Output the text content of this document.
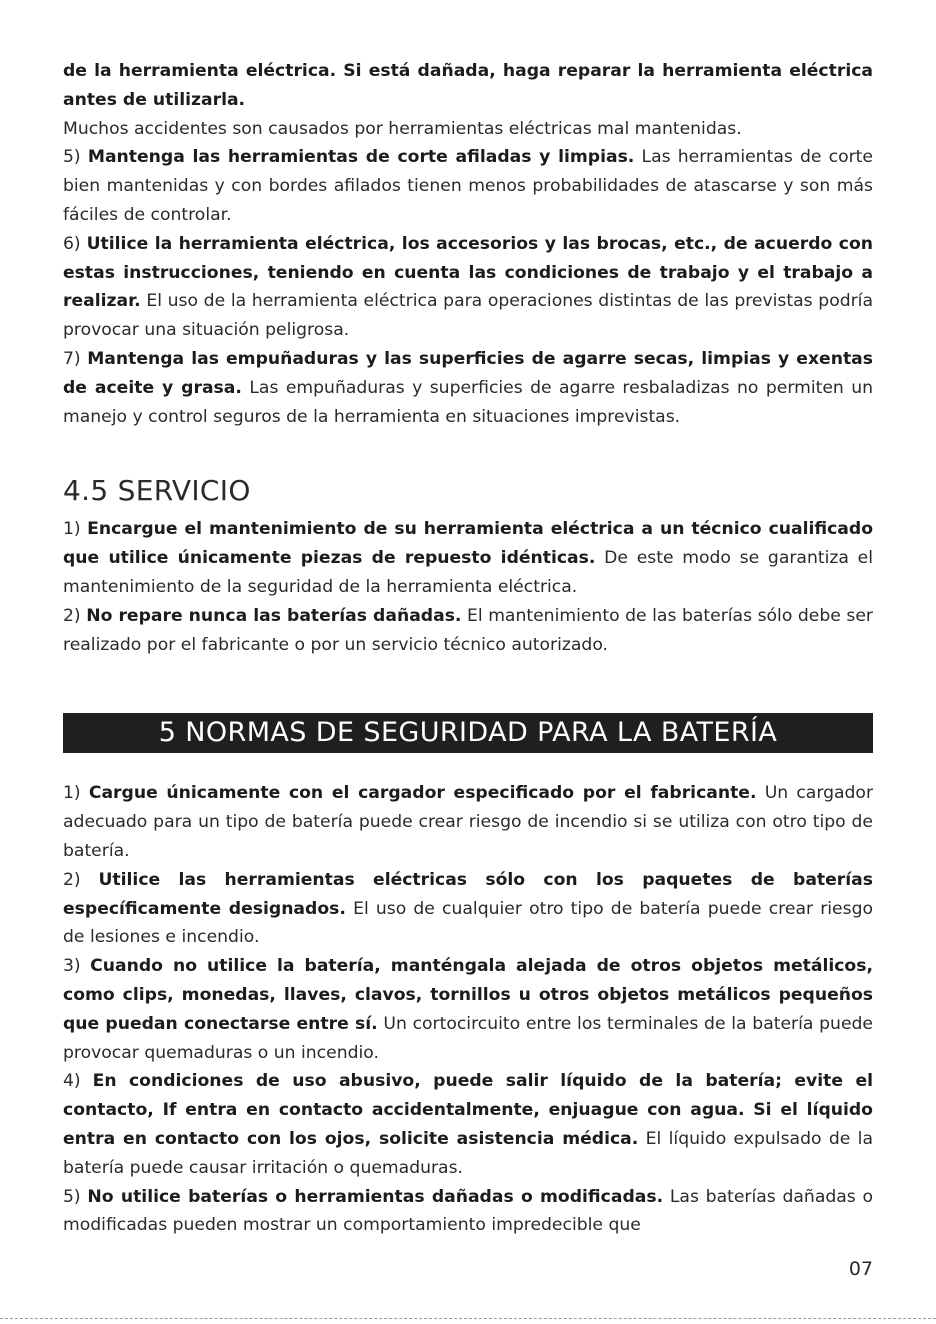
de la herramienta eléctrica. Si está dañada, haga reparar la herramienta eléctrica antes de utilizarla.
Muchos accidentes son causados por herramientas eléctricas mal mantenidas.

5) Mantenga las herramientas de corte afiladas y limpias. Las herramientas de corte bien mantenidas y con bordes afilados tienen menos probabilidades de atascarse y son más fáciles de controlar.

6) Utilice la herramienta eléctrica, los accesorios y las brocas, etc., de acuerdo con estas instrucciones, teniendo en cuenta las condiciones de trabajo y el trabajo a realizar. El uso de la herramienta eléctrica para operaciones distintas de las previstas podría provocar una situación peligrosa.

7) Mantenga las empuñaduras y las superficies de agarre secas, limpias y exentas de aceite y grasa. Las empuñaduras y superficies de agarre resbaladizas no permiten un manejo y control seguros de la herramienta en situaciones imprevistas.

4.5 SERVICIO

1) Encargue el mantenimiento de su herramienta eléctrica a un técnico cualificado que utilice únicamente piezas de repuesto idénticas. De este modo se garantiza el mantenimiento de la seguridad de la herramienta eléctrica.

2) No repare nunca las baterías dañadas. El mantenimiento de las baterías sólo debe ser realizado por el fabricante o por un servicio técnico autorizado.

5 NORMAS DE SEGURIDAD PARA LA BATERÍA

1) Cargue únicamente con el cargador especificado por el fabricante. Un cargador adecuado para un tipo de batería puede crear riesgo de incendio si se utiliza con otro tipo de batería.

2) Utilice las herramientas eléctricas sólo con los paquetes de baterías específicamente designados. El uso de cualquier otro tipo de batería puede crear riesgo de lesiones e incendio.

3) Cuando no utilice la batería, manténgala alejada de otros objetos metálicos, como clips, monedas, llaves, clavos, tornillos u otros objetos metálicos pequeños que puedan conectarse entre sí. Un cortocircuito entre los terminales de la batería puede provocar quemaduras o un incendio.

4) En condiciones de uso abusivo, puede salir líquido de la batería; evite el contacto, If entra en contacto accidentalmente, enjuague con agua. Si el líquido entra en contacto con los ojos, solicite asistencia médica. El líquido expulsado de la batería puede causar irritación o quemaduras.

5) No utilice baterías o herramientas dañadas o modificadas. Las baterías dañadas o modificadas pueden mostrar un comportamiento impredecible que

07
